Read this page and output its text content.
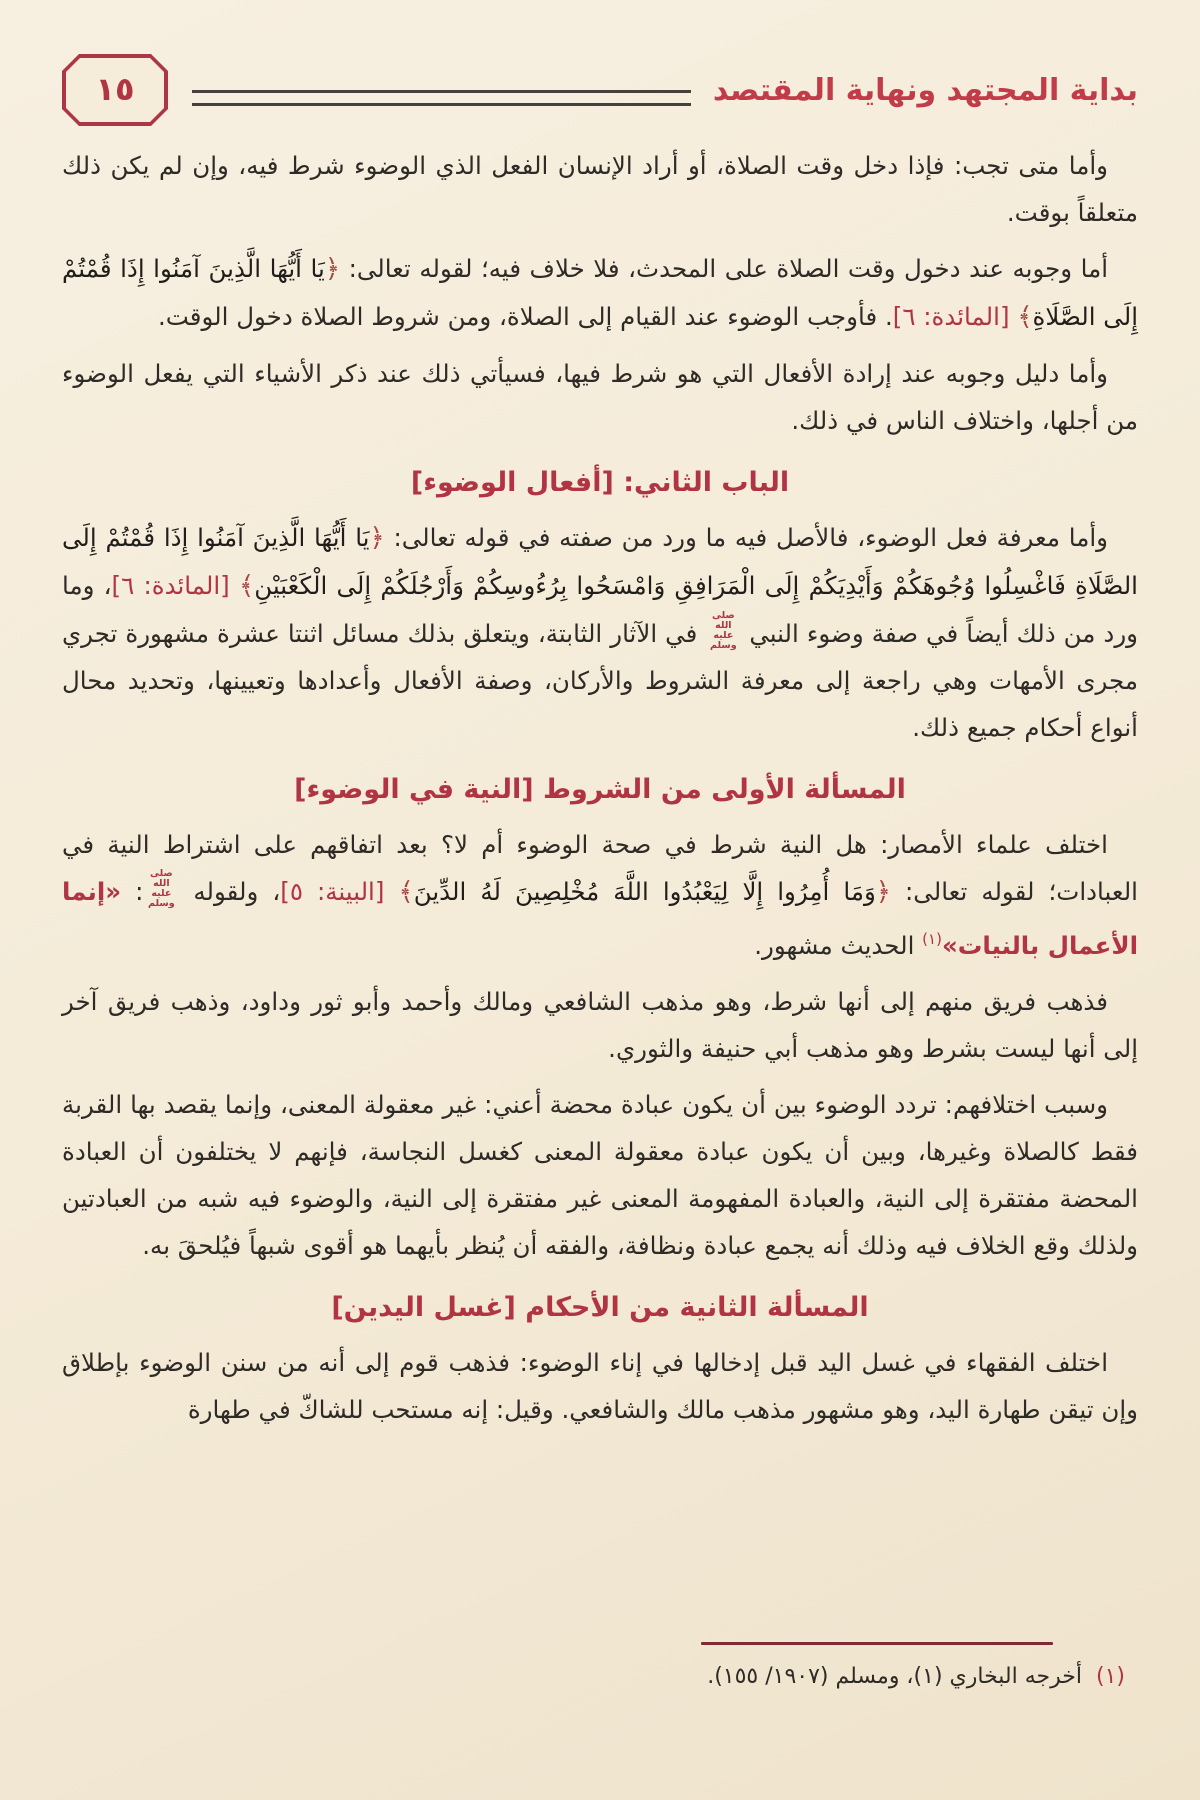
بداية المجتهد ونهاية المقتصد
١٥

وأما متى تجب: فإذا دخل وقت الصلاة، أو أراد الإنسان الفعل الذي الوضوء شرط فيه، وإن لم يكن ذلك متعلقاً بوقت.

أما وجوبه عند دخول وقت الصلاة على المحدث، فلا خلاف فيه؛ لقوله تعالى: ﴿يَا أَيُّهَا الَّذِينَ آمَنُوا إِذَا قُمْتُمْ إِلَى الصَّلَاةِ﴾ [المائدة: ٦]. فأوجب الوضوء عند القيام إلى الصلاة، ومن شروط الصلاة دخول الوقت.

وأما دليل وجوبه عند إرادة الأفعال التي هو شرط فيها، فسيأتي ذلك عند ذكر الأشياء التي يفعل الوضوء من أجلها، واختلاف الناس في ذلك.

الباب الثاني: [أفعال الوضوء]

وأما معرفة فعل الوضوء، فالأصل فيه ما ورد من صفته في قوله تعالى: ﴿يَا أَيُّهَا الَّذِينَ آمَنُوا إِذَا قُمْتُمْ إِلَى الصَّلَاةِ فَاغْسِلُوا وُجُوهَكُمْ وَأَيْدِيَكُمْ إِلَى الْمَرَافِقِ وَامْسَحُوا بِرُءُوسِكُمْ وَأَرْجُلَكُمْ إِلَى الْكَعْبَيْنِ﴾ [المائدة: ٦]، وما ورد من ذلك أيضاً في صفة وضوء النبي صلى الله عليه وسلم في الآثار الثابتة، ويتعلق بذلك مسائل اثنتا عشرة مشهورة تجري مجرى الأمهات وهي راجعة إلى معرفة الشروط والأركان، وصفة الأفعال وأعدادها وتعيينها، وتحديد محال أنواع أحكام جميع ذلك.

المسألة الأولى من الشروط [النية في الوضوء]

اختلف علماء الأمصار: هل النية شرط في صحة الوضوء أم لا؟ بعد اتفاقهم على اشتراط النية في العبادات؛ لقوله تعالى: ﴿وَمَا أُمِرُوا إِلَّا لِيَعْبُدُوا اللَّهَ مُخْلِصِينَ لَهُ الدِّينَ﴾ [البينة: ٥]، ولقوله صلى الله عليه وسلم: «إنما الأعمال بالنيات»$^{(١)}$ الحديث مشهور.

فذهب فريق منهم إلى أنها شرط، وهو مذهب الشافعي ومالك وأحمد وأبو ثور وداود، وذهب فريق آخر إلى أنها ليست بشرط وهو مذهب أبي حنيفة والثوري.

وسبب اختلافهم: تردد الوضوء بين أن يكون عبادة محضة أعني: غير معقولة المعنى، وإنما يقصد بها القربة فقط كالصلاة وغيرها، وبين أن يكون عبادة معقولة المعنى كغسل النجاسة، فإنهم لا يختلفون أن العبادة المحضة مفتقرة إلى النية، والعبادة المفهومة المعنى غير مفتقرة إلى النية، والوضوء فيه شبه من العبادتين ولذلك وقع الخلاف فيه وذلك أنه يجمع عبادة ونظافة، والفقه أن يُنظر بأيهما هو أقوى شبهاً فيُلحقَ به.

المسألة الثانية من الأحكام [غسل اليدين]

اختلف الفقهاء في غسل اليد قبل إدخالها في إناء الوضوء: فذهب قوم إلى أنه من سنن الوضوء بإطلاق وإن تيقن طهارة اليد، وهو مشهور مذهب مالك والشافعي. وقيل: إنه مستحب للشاكّ في طهارة

(١)أخرجه البخاري (١)، ومسلم (١٩٠٧/ ١٥٥).
